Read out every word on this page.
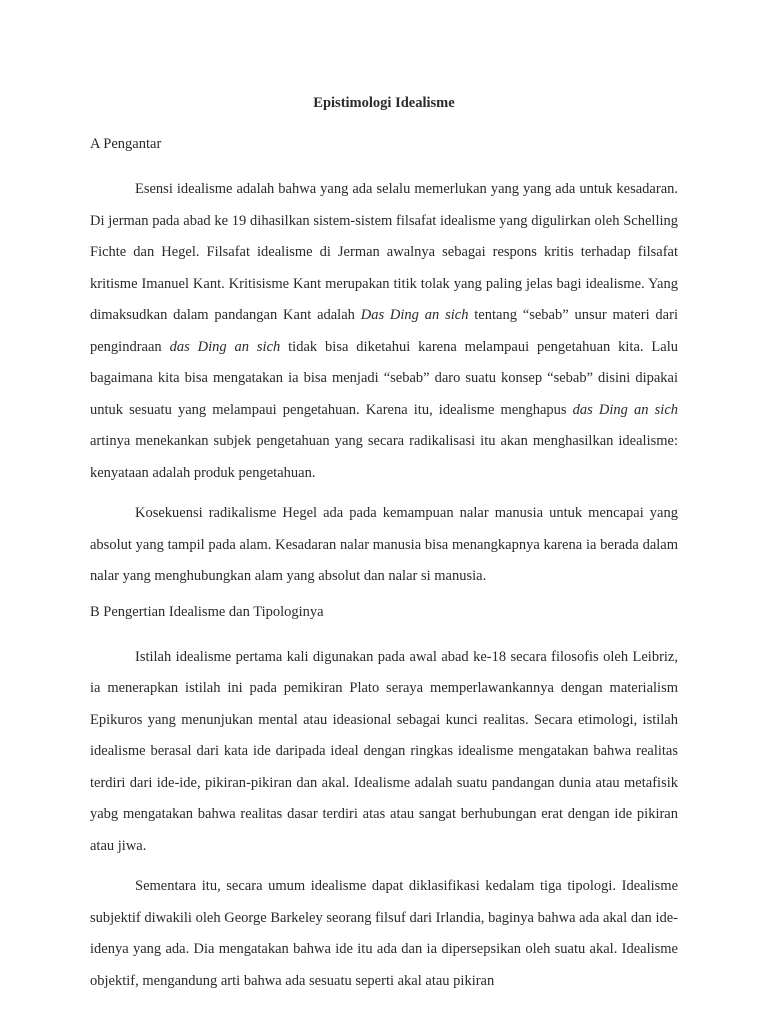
Epistimologi Idealisme
A Pengantar

Esensi idealisme adalah bahwa yang ada selalu memerlukan yang yang ada untuk kesadaran. Di jerman pada abad ke 19 dihasilkan sistem-sistem filsafat idealisme yang digulirkan oleh Schelling Fichte dan Hegel. Filsafat idealisme di Jerman awalnya sebagai respons kritis terhadap filsafat kritisme Imanuel Kant. Kritisisme Kant merupakan titik tolak yang paling jelas bagi idealisme. Yang dimaksudkan dalam pandangan Kant adalah Das Ding an sich tentang “sebab” unsur materi dari pengindraan das Ding an sich tidak bisa diketahui karena melampaui pengetahuan kita. Lalu bagaimana kita bisa mengatakan ia bisa menjadi “sebab” daro suatu konsep “sebab” disini dipakai untuk sesuatu yang melampaui pengetahuan. Karena itu, idealisme menghapus das Ding an sich artinya menekankan subjek pengetahuan yang secara radikalisasi itu akan menghasilkan idealisme: kenyataan adalah produk pengetahuan.

Kosekuensi radikalisme Hegel ada pada kemampuan nalar manusia untuk mencapai yang absolut yang tampil pada alam. Kesadaran nalar manusia bisa menangkapnya karena ia berada dalam nalar yang menghubungkan alam yang absolut dan nalar si manusia.

B Pengertian Idealisme dan Tipologinya

Istilah idealisme pertama kali digunakan pada awal abad ke-18 secara filosofis oleh Leibriz, ia menerapkan istilah ini pada pemikiran Plato seraya memperlawankannya dengan materialism Epikuros yang menunjukan mental atau ideasional sebagai kunci realitas. Secara etimologi, istilah idealisme berasal dari kata ide daripada ideal dengan ringkas idealisme mengatakan bahwa realitas terdiri dari ide-ide, pikiran-pikiran dan akal. Idealisme adalah suatu pandangan dunia atau metafisik yabg mengatakan bahwa realitas dasar terdiri atas atau sangat berhubungan erat dengan ide pikiran atau jiwa.

Sementara itu, secara umum idealisme dapat diklasifikasi kedalam tiga tipologi. Idealisme subjektif diwakili oleh George Barkeley seorang filsuf dari Irlandia, baginya bahwa ada akal dan ide-idenya yang ada. Dia mengatakan bahwa ide itu ada dan ia dipersepsikan oleh suatu akal. Idealisme objektif, mengandung arti bahwa ada sesuatu seperti akal atau pikiran
